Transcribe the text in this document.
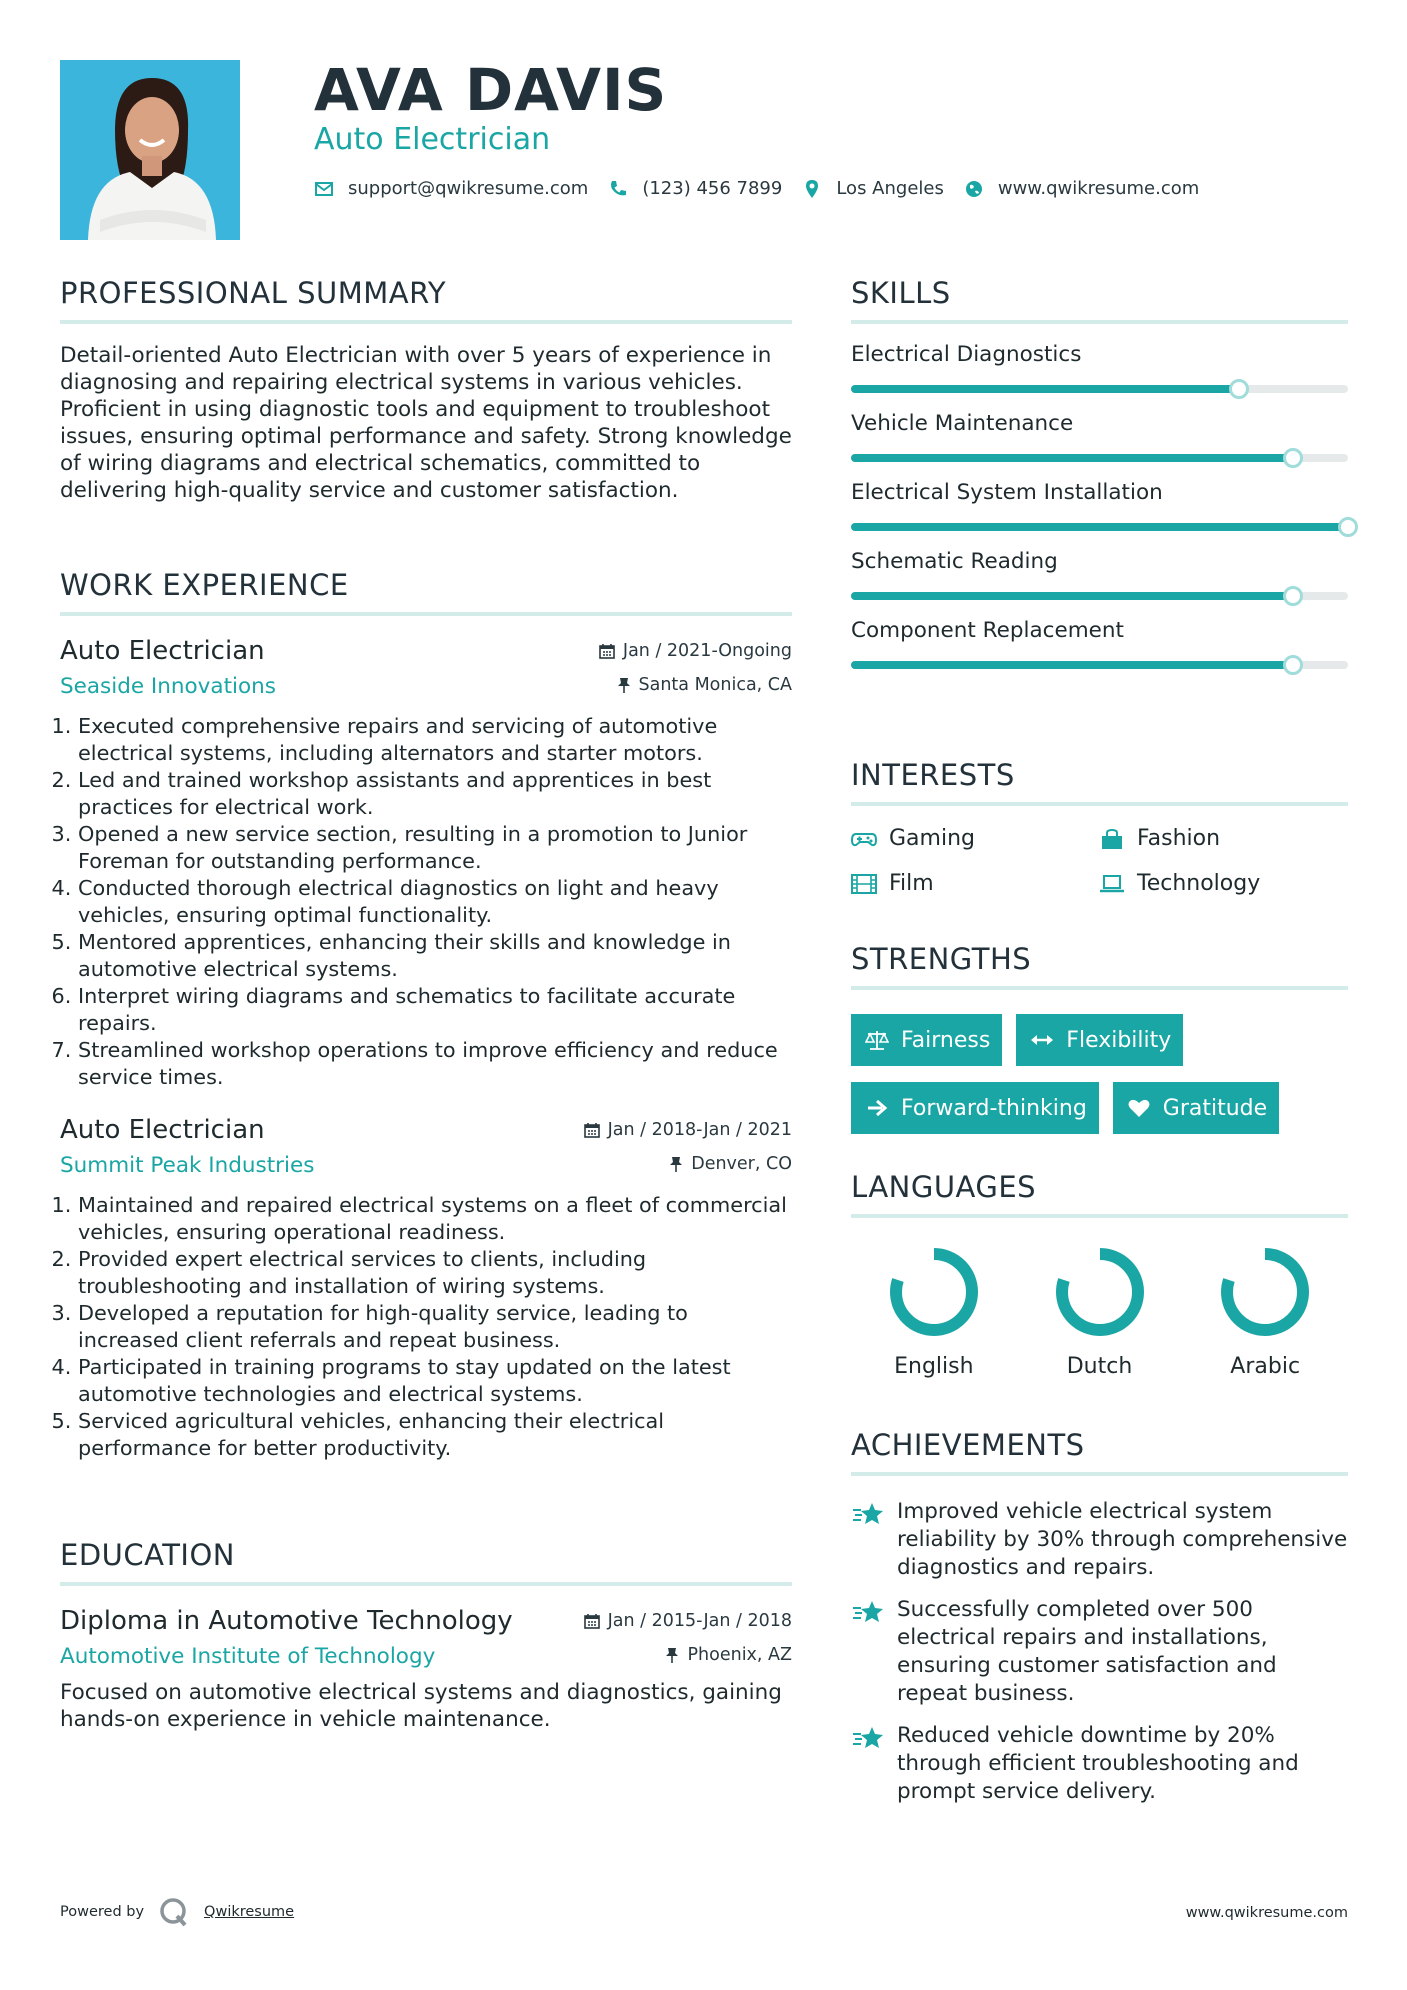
AVA DAVIS
Auto Electrician
support@qwikresume.com	(123) 456 7899	Los Angeles	www.qwikresume.com
PROFESSIONAL SUMMARY

Detail-oriented Auto Electrician with over 5 years of experience in diagnosing and repairing electrical systems in various vehicles. Proficient in using diagnostic tools and equipment to troubleshoot issues, ensuring optimal performance and safety. Strong knowledge of wiring diagrams and electrical schematics, committed to delivering high-quality service and customer satisfaction.

WORK EXPERIENCE
Auto Electrician	Jan / 2021-Ongoing
Seaside Innovations	Santa Monica, CA
1. Executed comprehensive repairs and servicing of automotive electrical systems, including alternators and starter motors.
2. Led and trained workshop assistants and apprentices in best practices for electrical work.
3. Opened a new service section, resulting in a promotion to Junior Foreman for outstanding performance.
4. Conducted thorough electrical diagnostics on light and heavy vehicles, ensuring optimal functionality.
5. Mentored apprentices, enhancing their skills and knowledge in automotive electrical systems.
6. Interpret wiring diagrams and schematics to facilitate accurate repairs.
7. Streamlined workshop operations to improve efficiency and reduce service times.
Auto Electrician	Jan / 2018-Jan / 2021
Summit Peak Industries	Denver, CO
1. Maintained and repaired electrical systems on a fleet of commercial vehicles, ensuring operational readiness.
2. Provided expert electrical services to clients, including troubleshooting and installation of wiring systems.
3. Developed a reputation for high-quality service, leading to increased client referrals and repeat business.
4. Participated in training programs to stay updated on the latest automotive technologies and electrical systems.
5. Serviced agricultural vehicles, enhancing their electrical performance for better productivity.
EDUCATION
Diploma in Automotive Technology	Jan / 2015-Jan / 2018
Automotive Institute of Technology	Phoenix, AZ

Focused on automotive electrical systems and diagnostics, gaining hands-on experience in vehicle maintenance.

SKILLS
Electrical Diagnostics
Vehicle Maintenance
Electrical System Installation
Schematic Reading
Component Replacement
INTERESTS
Gaming	Fashion
Film	Technology
STRENGTHS
Fairness	Flexibility
Forward-thinking	Gratitude
LANGUAGES
English	Dutch	Arabic
ACHIEVEMENTS

Improved vehicle electrical system reliability by 30% through comprehensive diagnostics and repairs.

Successfully completed over 500 electrical repairs and installations, ensuring customer satisfaction and repeat business.

Reduced vehicle downtime by 20% through efficient troubleshooting and prompt service delivery.

Powered by	Qwikresume	www.qwikresume.com
